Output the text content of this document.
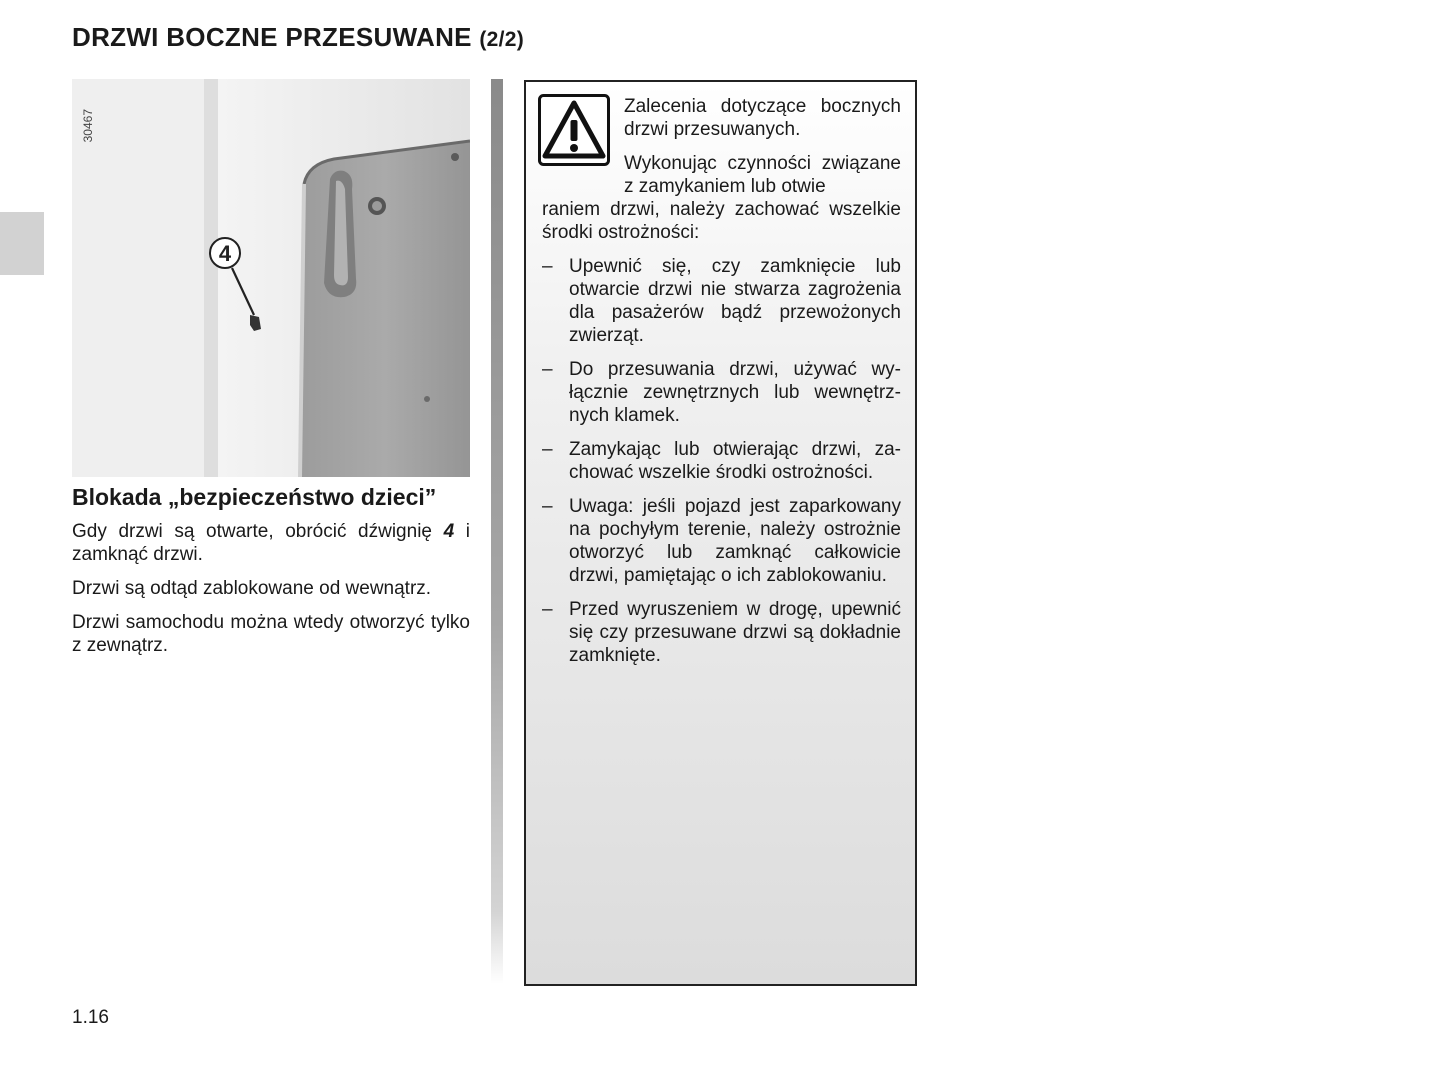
DRZWI BOCZNE PRZESUWANE (2/2)
4
30467
Blokada „bezpieczeństwo dzieci”

Gdy drzwi są otwarte, obrócić dźwignię 4 i zamknąć drzwi.

Drzwi są odtąd zablokowane od wewnątrz.

Drzwi samochodu można wtedy otworzyć tylko z zewnątrz.

Zalecenia dotyczące bocznych drzwi przesuwanych.

Wykonując czynności związane z zamykaniem lub otwie
raniem drzwi, należy zachować wszelkie środki ostrożności:

– Upewnić się, czy zamknięcie lub otwarcie drzwi nie stwarza zagrożenia dla pasażerów bądź przewożonych zwierząt.
– Do przesuwania drzwi, używać wyłącznie zewnętrznych lub wewnętrznych klamek.
– Zamykając lub otwierając drzwi, zachować wszelkie środki ostrożności.
– Uwaga: jeśli pojazd jest zaparkowany na pochyłym terenie, należy ostrożnie otworzyć lub zamknąć całkowicie drzwi, pamiętając o ich zablokowaniu.
– Przed wyruszeniem w drogę, upewnić się czy przesuwane drzwi są dokładnie zamknięte.
1.16
